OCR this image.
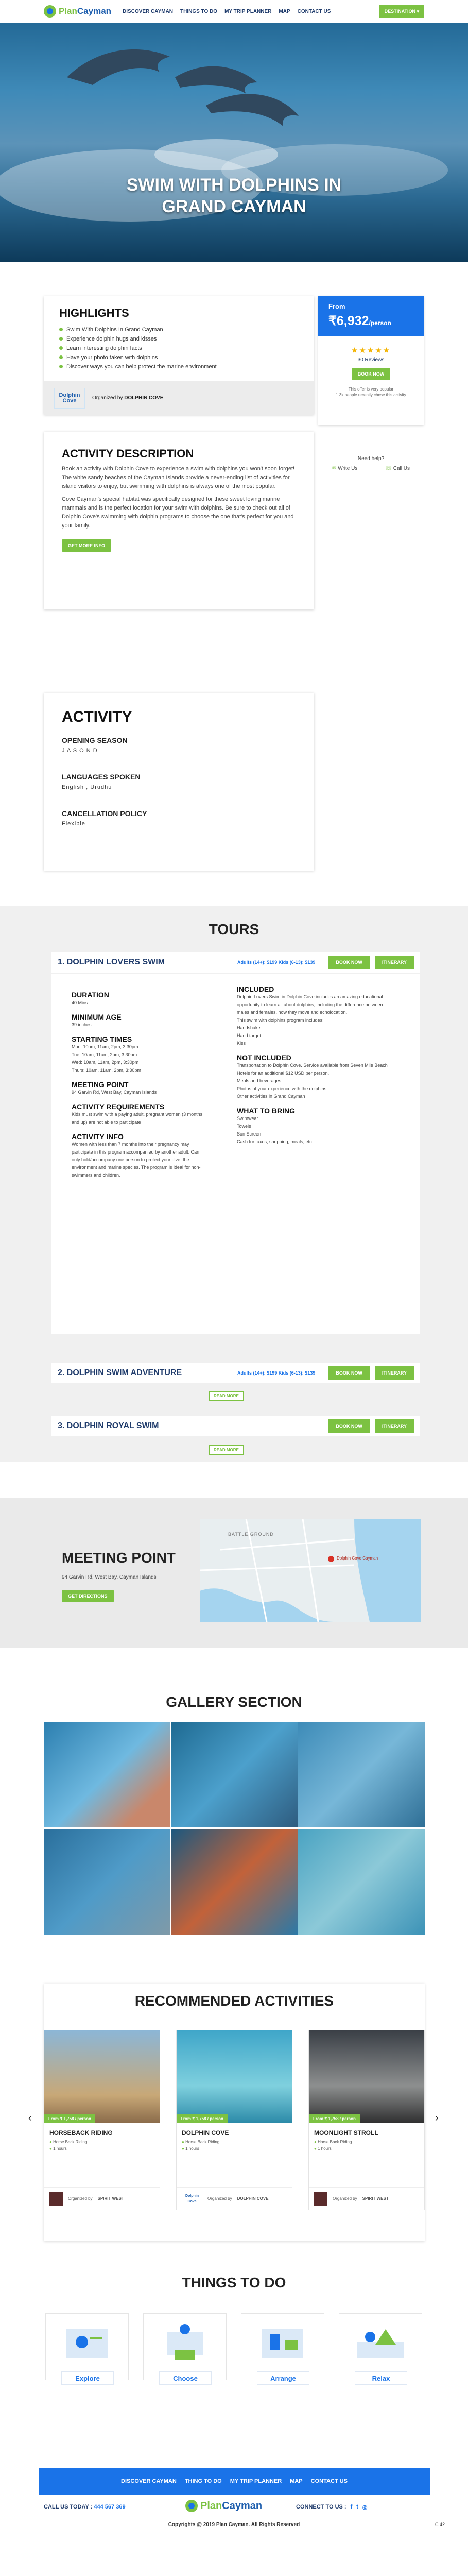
SWIM WITH DOLPHINS IN
GRAND CAYMAN
PlanCayman DISCOVER CAYMAN THINGS TO DO MY TRIP PLANNER MAP CONTACT US	DESTINATION ▾
HIGHLIGHTS
Swim With Dolphins In Grand Cayman
Experience dolphin hugs and kisses
Learn interesting dolphin facts
Have your photo taken with dolphins
Discover ways you can help protect the marine environment
Dolphin Cove	Organized by DOLPHIN COVE
From
₹6,932/person
★★★★★
30 Reviews
BOOK NOW
This offer is very popular
1.3k people recently chose this activity
Need help?
✉ Write Us	☏ Call Us
ACTIVITY DESCRIPTION

Book an activity with Dolphin Cove to experience a swim with dolphins you won't soon forget! The white sandy beaches of the Cayman Islands provide a never-ending list of activities for island visitors to enjoy, but swimming with dolphins is always one of the most popular.

Cove Cayman's special habitat was specifically designed for these sweet loving marine mammals and is the perfect location for your swim with dolphins. Be sure to check out all of Dolphin Cove's swimming with dolphin programs to choose the one that's perfect for you and your family.

GET MORE INFO
ACTIVITY
OPENING SEASON

J A S O N D

LANGUAGES SPOKEN

English , Urudhu

CANCELLATION POLICY

Flexible

TOURS
1. DOLPHIN LOVERS SWIM	Adults (14+): $199 Kids (6-13): $139	BOOK NOW	ITINERARY
DURATION

40 Mins

MINIMUM AGE

39 inches

STARTING TIMES

Mon: 10am, 11am, 2pm, 3:30pm

Tue: 10am, 11am, 2pm, 3:30pm

Wed: 10am, 11am, 2pm, 3:30pm

Thurs: 10am, 11am, 2pm, 3:30pm

MEETING POINT

94 Garvin Rd, West Bay, Cayman Islands

ACTIVITY REQUIREMENTS

Kids must swim with a paying adult, pregnant women (3 months and up) are not able to participate

ACTIVITY INFO

Women with less than 7 months into their pregnancy may participate in this program accompanied by another adult. Can only hold/accompany one person to protect your dive, the environment and marine species. The program is ideal for non-swimmers and children.

INCLUDED

Dolphin Lovers Swim in Dolphin Cove includes an amazing educational opportunity to learn all about dolphins, including the difference between males and females, how they move and echolocation.

This swim with dolphins program includes:

Handshake

Hand target

Kiss

NOT INCLUDED

Transportation to Dolphin Cove. Service available from Seven Mile Beach Hotels for an additional $12 USD per person.

Meals and beverages

Photos of your experience with the dolphins

Other activities in Grand Cayman

WHAT TO BRING

Swimwear

Towels

Sun Screen

Cash for taxes, shopping, meals, etc.

2. DOLPHIN SWIM ADVENTURE	Adults (14+): $199 Kids (6-13): $139	BOOK NOW	ITINERARY
READ MORE
3. DOLPHIN ROYAL SWIM	BOOK NOW	ITINERARY
READ MORE
MEETING POINT
94 Garvin Rd, West Bay, Cayman Islands
GET DIRECTIONS
BATTLE GROUND
Dolphin Cove Cayman
GALLERY SECTION
RECOMMENDED ACTIVITIES
From ₹ 1,758 / person
HORSEBACK RIDING
● Horse Back Riding
● 1 hours
Organized by SPIRIT WEST
From ₹ 1,758 / person
DOLPHIN COVE
● Horse Back Riding
● 1 hours
Dolphin Cove
Organized by DOLPHIN COVE
From ₹ 1,758 / person
MOONLIGHT STROLL
● Horse Back Riding
● 1 hours
Organized by SPIRIT WEST
‹	›
THINGS TO DO
Explore	Choose	Arrange	Relax
DISCOVER CAYMAN THING TO DO MY TRIP PLANNER MAP CONTACT US
CALL US TODAY : 444 567 369	PlanCayman	CONNECT TO US : f t ◎
Copyrights @ 2019 Plan Cayman. All Rights Reserved	C 42
